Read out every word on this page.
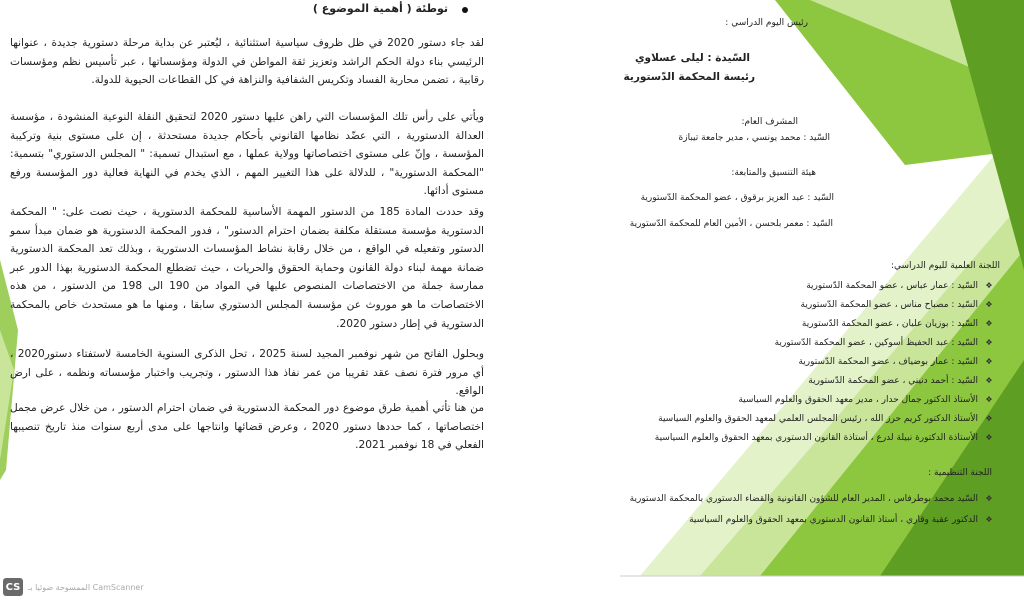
توطئة ( أهمية الموضوع )
لقد جاء دستور 2020 في ظل ظروف سياسية استثنائية ، ليُعتبر عن بداية مرحلة دستورية جديدة ، عنوانها الرئيسي بناء دولة الحكم الراشد وتعزيز ثقة المواطن في الدولة ومؤسساتها ، عبر تأسيس نظم ومؤسسات رقابية ، تضمن محاربة الفساد وتكريس الشفافية والنزاهة في كل القطاعات الحيوية للدولة.
ويأتي على رأس تلك المؤسسات التي راهن عليها دستور 2020 لتحقيق النقلة النوعية المنشودة ، مؤسسة العدالة الدستورية ، التي عضّد نظامها القانوني بأحكام جديدة مستحدثة ، إن على مستوى بنية وتركيبة المؤسسة ، وإنّ على مستوى اختصاصاتها وولاية عملها ، مع استبدال تسمية: " المجلس الدستوري" بتسمية: "المحكمة الدستورية" ، للدلالة على هذا التغيير المهم ، الذي يخدم في النهاية فعالية دور المؤسسة ورفع مستوى أدائها.
وقد حددت المادة 185 من الدستور المهمة الأساسية للمحكمة الدستورية ، حيث نصت على: " المحكمة الدستورية مؤسسة مستقلة مكلفة بضمان احترام الدستور" ، فدور المحكمة الدستورية هو ضمان مبدأ سمو الدستور وتفعيله في الواقع ، من خلال رقابة نشاط المؤسسات الدستورية ، وبذلك تعد المحكمة الدستورية ضمانة مهمة لبناء دولة القانون وحماية الحقوق والحريات ، حيث تضطلع المحكمة الدستورية بهذا الدور عبر ممارسة جملة من الاختصاصات المنصوص عليها في المواد من 190 الى 198 من الدستور ، من هذه الاختصاصات ما هو موروث عن مؤسسة المجلس الدستوري سابقا ، ومنها ما هو مستحدث خاص بالمحكمة الدستورية في إطار دستور 2020.
وبحلول الفاتح من شهر نوفمبر المجيد لسنة 2025 ، تحل الذكرى السنوية الخامسة لاستفتاء دستور2020 ، أي مرور فترة نصف عقد تقريبا من عمر نفاذ هذا الدستور ، وتجريب واختبار مؤسساته ونظمه ، على ارض الواقع.
من هنا تأتي أهمية طرق موضوع دور المحكمة الدستورية في ضمان احترام الدستور ، من خلال عرض مجمل اختصاصاتها ، كما حددها دستور 2020 ، وعرض قضائها وانتاجها على مدى أربع سنوات منذ تاريخ تنصيبها الفعلي في 18 نوفمبر 2021.
رئيس اليوم الدراسي :
السّيدة : ليلى عسلاوي
رئيسة المحكمة الدّستورية
المشرف العام:
السّيد : محمد يونسي ، مدير جامعة تيبازة
هيئة التنسيق والمتابعة:
السّيد : عبد العزيز برقوق ، عضو المحكمة الدّستورية
السّيد : معمر بلحسن ، الأمين العام للمحكمة الدّستورية
اللجنة العلمية لليوم الدراسي:
❖السّيد : عمار عباس ، عضو المحكمة الدّستورية
❖السّيد : مصباح مناس ، عضو المحكمة الدّستورية
❖السّيد : بوزيان عليان ، عضو المحكمة الدّستورية
❖السّيد : عبد الحفيظ أسوكين ، عضو المحكمة الدّستورية
❖السّيد : عمار بوضياف ، عضو المحكمة الدّستورية
❖السّيد : أحمد دنيني ، عضو المحكمة الدّستورية
❖الأستاذ الدكتور جمال حدار ، مدير معهد الحقوق والعلوم السياسية
❖الأستاذ الدكتور كريم حرز الله ، رئيس المجلس العلمي لمعهد الحقوق والعلوم السياسية
❖الأستاذة الدكتورة نبيلة لدرع ، أستاذة القانون الدستوري بمعهد الحقوق والعلوم السياسية
اللجنة التنظيمية :
❖السّيد محمد بوطرفاس ، المدير العام للشؤون القانونية والقضاء الدستوري بالمحكمة الدستورية
❖الدكتور عقبة وقاري ، أستاذ القانون الدستوري بمعهد الحقوق والعلوم السياسية
CS الممسوحة ضوئيا بـ CamScanner
